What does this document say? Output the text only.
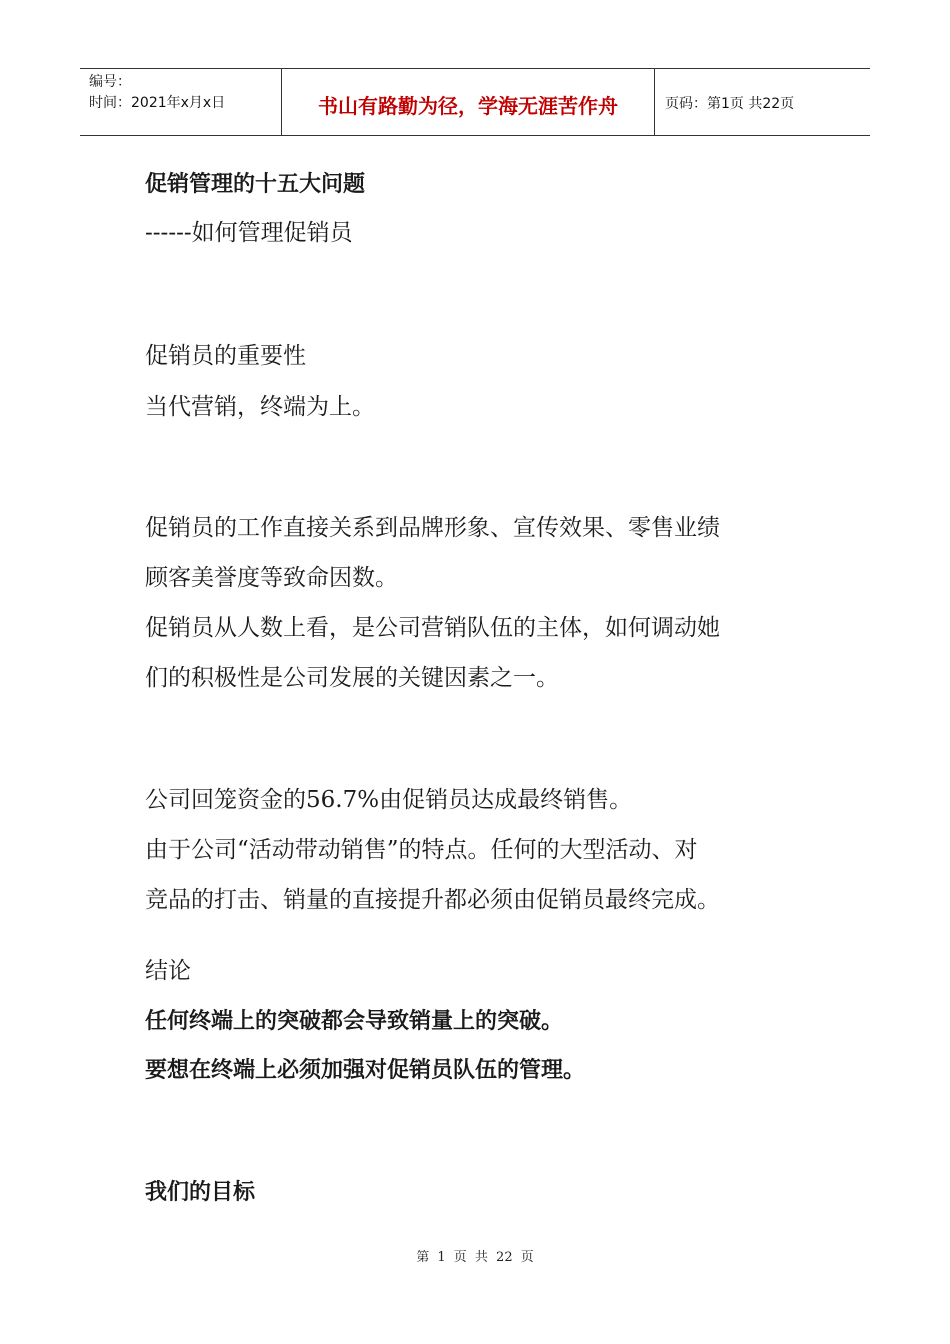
编号：
时间：2021年x月x日	书山有路勤为径，学海无涯苦作舟	页码：第1页 共22页
促销管理的十五大问题
------如何管理促销员
促销员的重要性
当代营销，终端为上。
促销员的工作直接关系到品牌形象、宣传效果、零售业绩
顾客美誉度等致命因数。
促销员从人数上看，是公司营销队伍的主体，如何调动她
们的积极性是公司发展的关键因素之一。
公司回笼资金的56.7%由促销员达成最终销售。
由于公司“活动带动销售”的特点。任何的大型活动、对
竞品的打击、销量的直接提升都必须由促销员最终完成。
结论
任何终端上的突破都会导致销量上的突破。
要想在终端上必须加强对促销员队伍的管理。
我们的目标
第 1 页 共 22 页
